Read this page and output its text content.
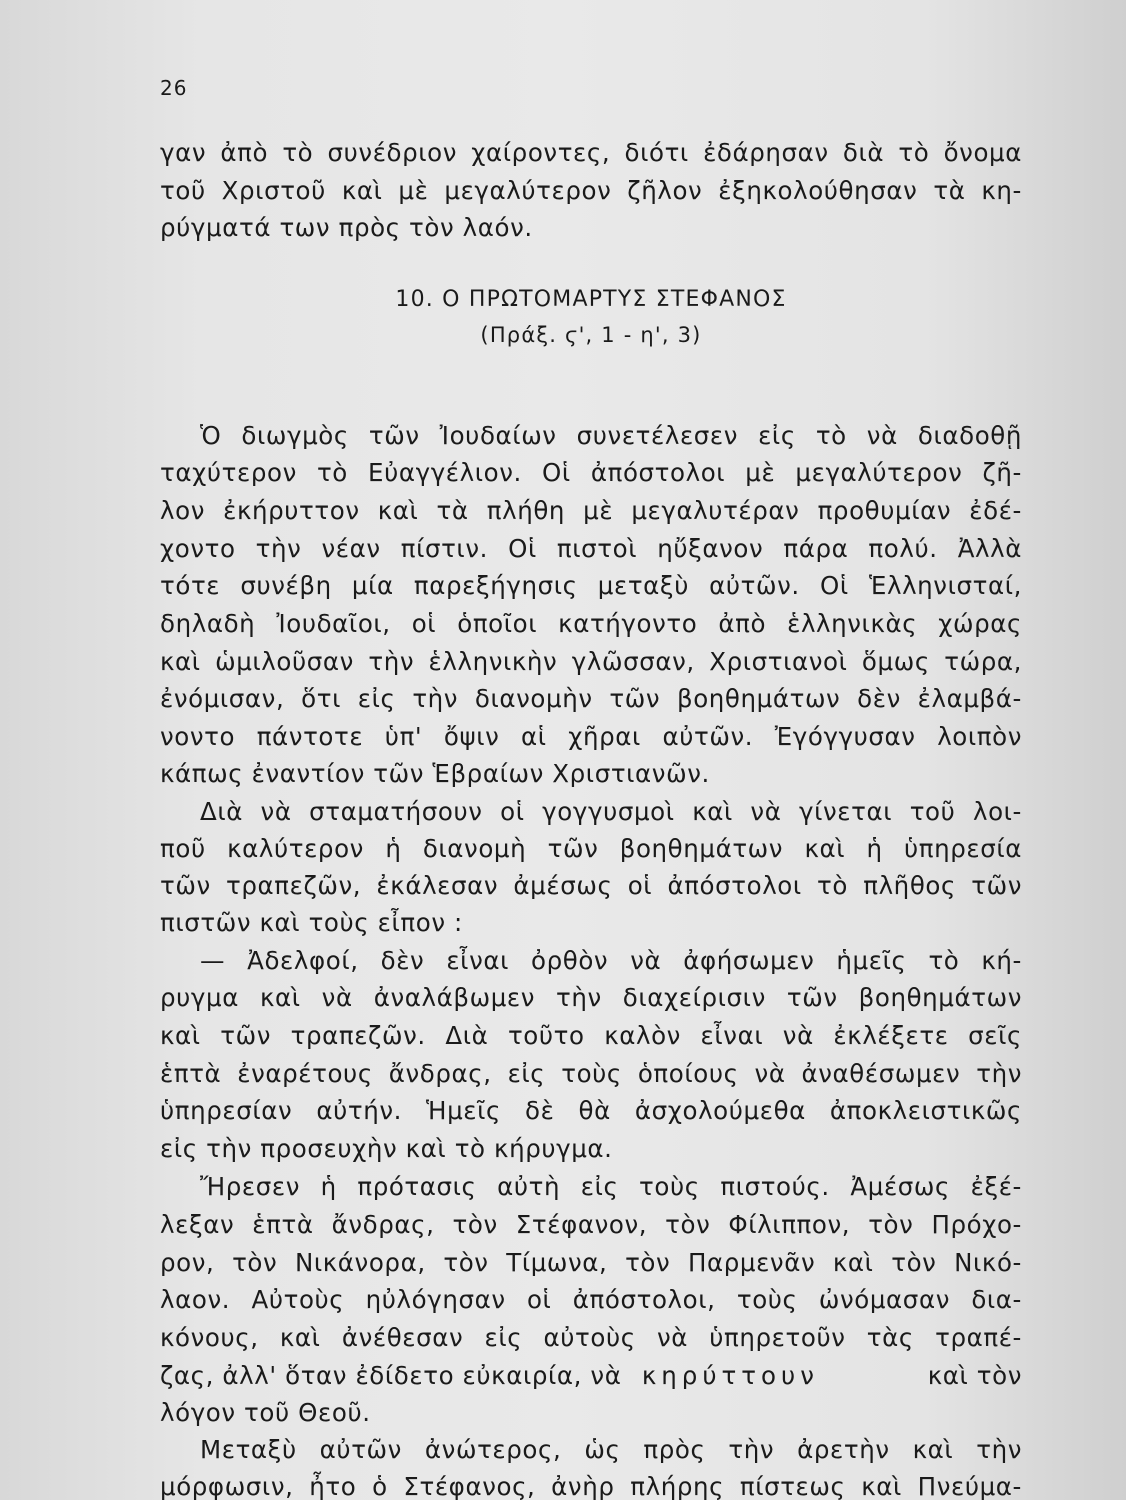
26
γαν ἀπὸ τὸ συνέδριον χαίροντες, διότι ἐδάρησαν διὰ τὸ ὄνομα
τοῦ Χριστοῦ καὶ μὲ μεγαλύτερον ζῆλον ἐξηκολούθησαν τὰ κη-
ρύγματά των πρὸς τὸν λαόν.
10. Ο ΠΡΩΤΟΜΑΡΤΥΣ ΣΤΕΦΑΝΟΣ
(Πράξ. ϛ', 1 - η', 3)
Ὁ διωγμὸς τῶν Ἰουδαίων συνετέλεσεν εἰς τὸ νὰ διαδοθῇ
ταχύτερον τὸ Εὐαγγέλιον. Οἱ ἀπόστολοι μὲ μεγαλύτερον ζῆ-
λον ἐκήρυττον καὶ τὰ πλήθη μὲ μεγαλυτέραν προθυμίαν ἐδέ-
χοντο τὴν νέαν πίστιν. Οἱ πιστοὶ ηὔξανον πάρα πολύ. Ἀλλὰ
τότε συνέβη μία παρεξήγησις μεταξὺ αὐτῶν. Οἱ Ἑλληνισταί,
δηλαδὴ Ἰουδαῖοι, οἱ ὁποῖοι κατήγοντο ἀπὸ ἑλληνικὰς χώρας
καὶ ὡμιλοῦσαν τὴν ἑλληνικὴν γλῶσσαν, Χριστιανοὶ ὅμως τώρα,
ἐνόμισαν, ὅτι εἰς τὴν διανομὴν τῶν βοηθημάτων δὲν ἐλαμβά-
νοντο πάντοτε ὑπ' ὄψιν αἱ χῆραι αὐτῶν. Ἐγόγγυσαν λοιπὸν
κάπως ἐναντίον τῶν Ἑβραίων Χριστιανῶν.
Διὰ νὰ σταματήσουν οἱ γογγυσμοὶ καὶ νὰ γίνεται τοῦ λοι-
ποῦ καλύτερον ἡ διανομὴ τῶν βοηθημάτων καὶ ἡ ὑπηρεσία
τῶν τραπεζῶν, ἐκάλεσαν ἀμέσως οἱ ἀπόστολοι τὸ πλῆθος τῶν
πιστῶν καὶ τοὺς εἶπον :
— Ἀδελφοί, δὲν εἶναι ὀρθὸν νὰ ἀφήσωμεν ἡμεῖς τὸ κή-
ρυγμα καὶ νὰ ἀναλάβωμεν τὴν διαχείρισιν τῶν βοηθημάτων
καὶ τῶν τραπεζῶν. Διὰ τοῦτο καλὸν εἶναι νὰ ἐκλέξετε σεῖς
ἑπτὰ ἐναρέτους ἄνδρας, εἰς τοὺς ὁποίους νὰ ἀναθέσωμεν τὴν
ὑπηρεσίαν αὐτήν. Ἡμεῖς δὲ θὰ ἀσχολούμεθα ἀποκλειστικῶς
εἰς τὴν προσευχὴν καὶ τὸ κήρυγμα.
Ἤρεσεν ἡ πρότασις αὐτὴ εἰς τοὺς πιστούς. Ἀμέσως ἐξέ-
λεξαν ἑπτὰ ἄνδρας, τὸν Στέφανον, τὸν Φίλιππον, τὸν Πρόχο-
ρον, τὸν Νικάνορα, τὸν Τίμωνα, τὸν Παρμενᾶν καὶ τὸν Νικό-
λαον. Αὐτοὺς ηὐλόγησαν οἱ ἀπόστολοι, τοὺς ὠνόμασαν δια-
κόνους, καὶ ἀνέθεσαν εἰς αὐτοὺς νὰ ὑπηρετοῦν τὰς τραπέ-
ζας, ἀλλ' ὅταν ἐδίδετο εὐκαιρία, νὰ κηρύττουν	καὶ τὸν
λόγον τοῦ Θεοῦ.
Μεταξὺ αὐτῶν ἀνώτερος, ὡς πρὸς τὴν ἀρετὴν καὶ τὴν
μόρφωσιν, ἦτο ὁ Στέφανος, ἀνὴρ πλήρης πίστεως καὶ Πνεύμα-
